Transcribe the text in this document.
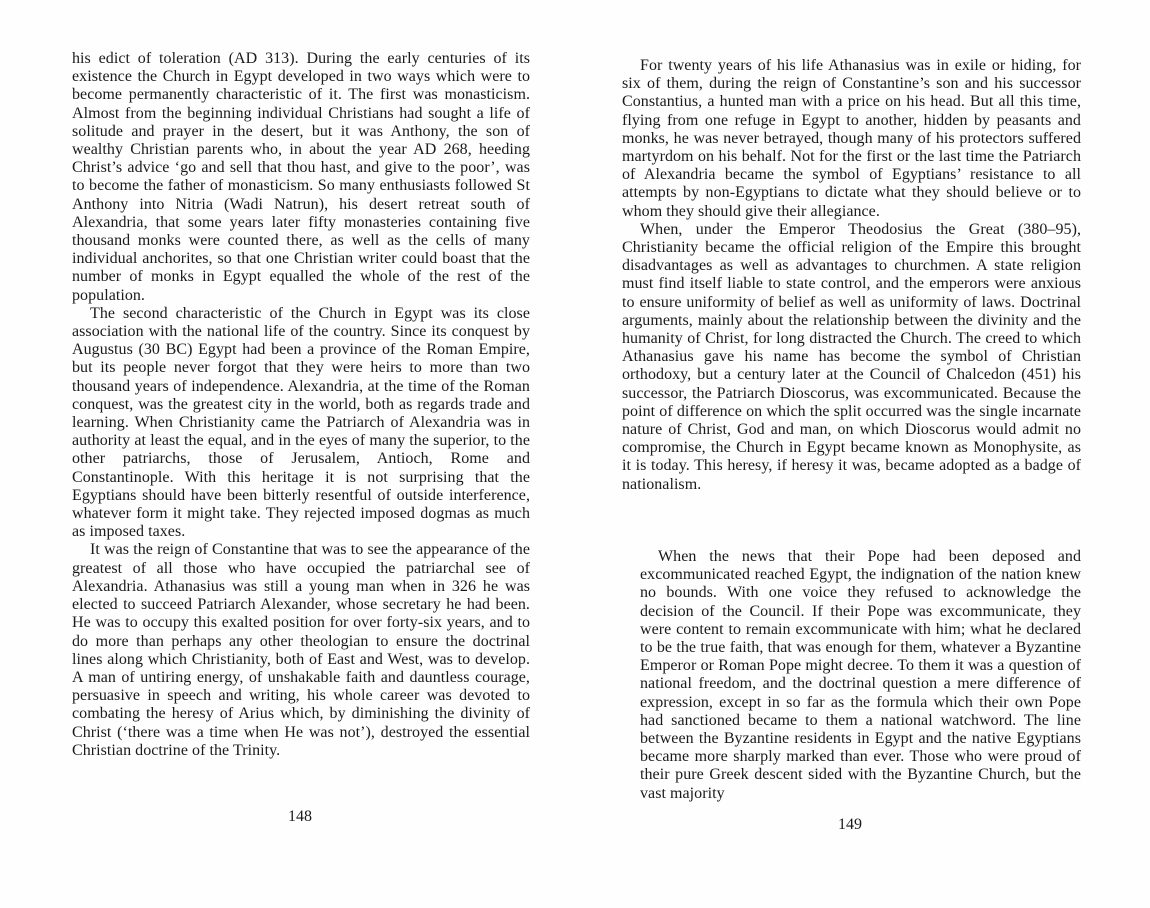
his edict of toleration (AD 313). During the early centuries of its existence the Church in Egypt developed in two ways which were to become permanently characteristic of it. The first was monasticism. Almost from the beginning individual Christians had sought a life of solitude and prayer in the desert, but it was Anthony, the son of wealthy Christian parents who, in about the year AD 268, heeding Christ’s advice ‘go and sell that thou hast, and give to the poor’, was to become the father of monasticism. So many enthusiasts followed St Anthony into Nitria (Wadi Natrun), his desert retreat south of Alexandria, that some years later fifty monasteries containing five thousand monks were counted there, as well as the cells of many individual anchorites, so that one Christian writer could boast that the number of monks in Egypt equalled the whole of the rest of the population.

The second characteristic of the Church in Egypt was its close association with the national life of the country. Since its conquest by Augustus (30 BC) Egypt had been a province of the Roman Empire, but its people never forgot that they were heirs to more than two thousand years of independence. Alexandria, at the time of the Roman conquest, was the greatest city in the world, both as regards trade and learning. When Christianity came the Patriarch of Alexandria was in authority at least the equal, and in the eyes of many the superior, to the other patriarchs, those of Jerusalem, Antioch, Rome and Constantinople. With this heritage it is not surprising that the Egyptians should have been bitterly resentful of outside interference, whatever form it might take. They rejected imposed dogmas as much as imposed taxes.

It was the reign of Constantine that was to see the appearance of the greatest of all those who have occupied the patriarchal see of Alexandria. Athanasius was still a young man when in 326 he was elected to succeed Patriarch Alexander, whose secretary he had been. He was to occupy this exalted position for over forty-six years, and to do more than perhaps any other theologian to ensure the doctrinal lines along which Christianity, both of East and West, was to develop. A man of untiring energy, of unshakable faith and dauntless courage, persuasive in speech and writing, his whole career was devoted to combating the heresy of Arius which, by diminishing the divinity of Christ (‘there was a time when He was not’), destroyed the essential Christian doctrine of the Trinity.

148

For twenty years of his life Athanasius was in exile or hiding, for six of them, during the reign of Constantine’s son and his successor Constantius, a hunted man with a price on his head. But all this time, flying from one refuge in Egypt to another, hidden by peasants and monks, he was never betrayed, though many of his protectors suffered martyrdom on his behalf. Not for the first or the last time the Patriarch of Alexandria became the symbol of Egyptians’ resistance to all attempts by non-Egyptians to dictate what they should believe or to whom they should give their allegiance.

When, under the Emperor Theodosius the Great (380–95), Christianity became the official religion of the Empire this brought disadvantages as well as advantages to churchmen. A state religion must find itself liable to state control, and the emperors were anxious to ensure uniformity of belief as well as uniformity of laws. Doctrinal arguments, mainly about the relationship between the divinity and the humanity of Christ, for long distracted the Church. The creed to which Athanasius gave his name has become the symbol of Christian orthodoxy, but a century later at the Council of Chalcedon (451) his successor, the Patriarch Dioscorus, was excommunicated. Because the point of difference on which the split occurred was the single incarnate nature of Christ, God and man, on which Dioscorus would admit no compromise, the Church in Egypt became known as Monophysite, as it is today. This heresy, if heresy it was, became adopted as a badge of nationalism.

When the news that their Pope had been deposed and excommunicated reached Egypt, the indignation of the nation knew no bounds. With one voice they refused to acknowledge the decision of the Council. If their Pope was excommunicate, they were content to remain excommunicate with him; what he declared to be the true faith, that was enough for them, whatever a Byzantine Emperor or Roman Pope might decree. To them it was a question of national freedom, and the doctrinal question a mere difference of expression, except in so far as the formula which their own Pope had sanctioned became to them a national watchword. The line between the Byzantine residents in Egypt and the native Egyptians became more sharply marked than ever. Those who were proud of their pure Greek descent sided with the Byzantine Church, but the vast majority

149
